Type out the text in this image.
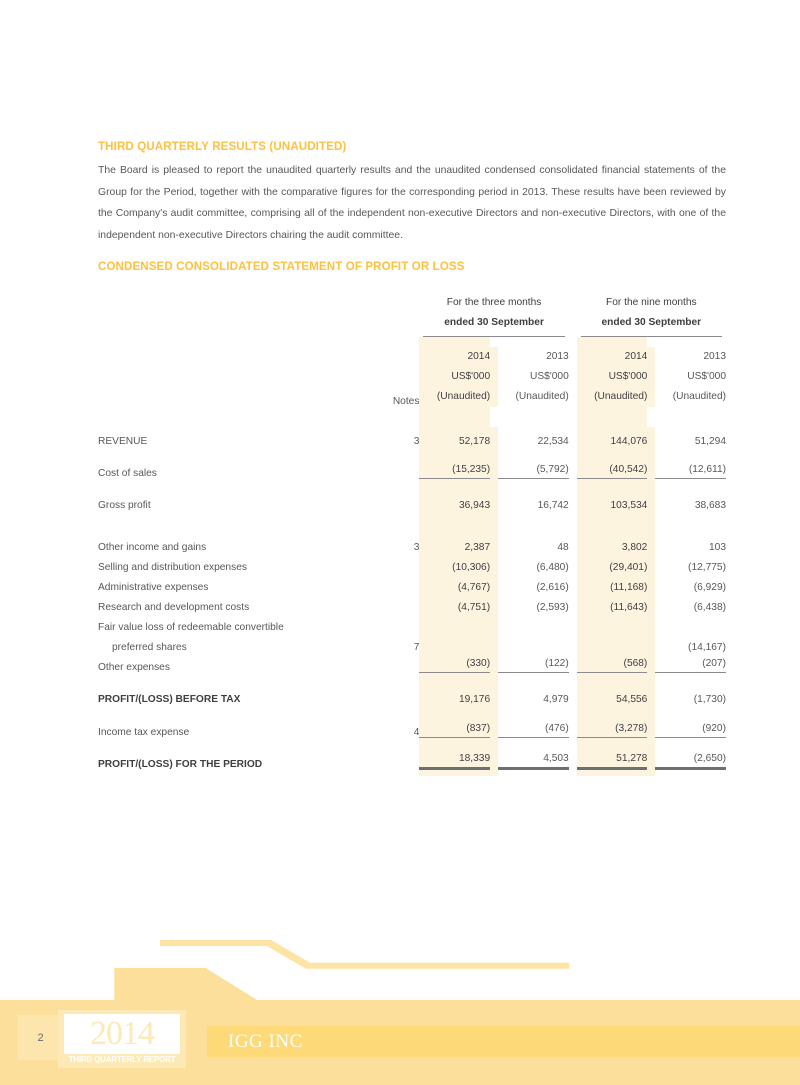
THIRD QUARTERLY RESULTS (UNAUDITED)
The Board is pleased to report the unaudited quarterly results and the unaudited condensed consolidated financial statements of the Group for the Period, together with the comparative figures for the corresponding period in 2013. These results have been reviewed by the Company's audit committee, comprising all of the independent non-executive Directors and non-executive Directors, with one of the independent non-executive Directors chairing the audit committee.
CONDENSED CONSOLIDATED STATEMENT OF PROFIT OR LOSS
		For the three months				For the nine months		

		ended 30 September				ended 30 September		

		2014		2013		2014		2013
		US$'000		US$'000		US$'000		US$'000
	Notes	(Unaudited)		(Unaudited)		(Unaudited)		(Unaudited)

REVENUE	3	52,178		22,534		144,076		51,294

Cost of sales		(15,235)		(5,792)		(40,542)		(12,611)

Gross profit		36,943		16,742		103,534		38,683

Other income and gains	3	2,387		48		3,802		103

Selling and distribution expenses		(10,306)		(6,480)		(29,401)		(12,775)

Administrative expenses		(4,767)		(2,616)		(11,168)		(6,929)

Research and development costs		(4,751)		(2,593)		(11,643)		(6,438)

Fair value loss of redeemable convertible		

preferred shares	7							(14,167)

Other expenses		(330)		(122)		(568)		(207)

PROFIT/(LOSS) BEFORE TAX		19,176		4,979		54,556		(1,730)

Income tax expense	4	(837)		(476)		(3,278)		(920)

PROFIT/(LOSS) FOR THE PERIOD		18,339		4,503		51,278		(2,650)

IGG INC
2	2014
THIRD QUARTERLY REPORT
